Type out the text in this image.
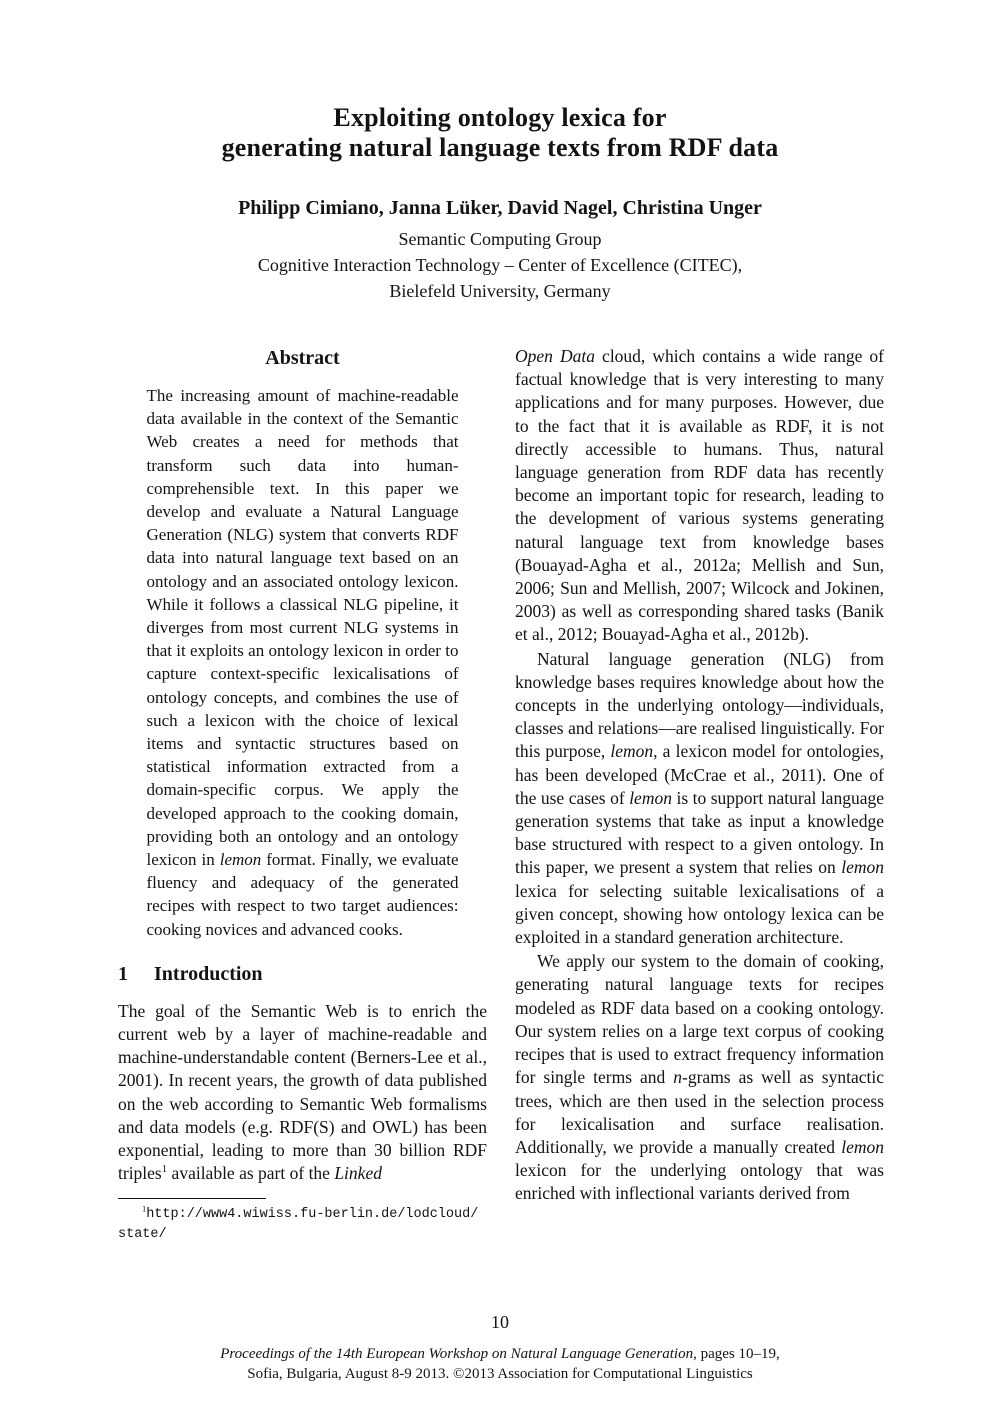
Exploiting ontology lexica for
generating natural language texts from RDF data
Philipp Cimiano, Janna Lüker, David Nagel, Christina Unger
Semantic Computing Group
Cognitive Interaction Technology – Center of Excellence (CITEC),
Bielefeld University, Germany
Abstract

The increasing amount of machine-readable data available in the context of the Semantic Web creates a need for methods that transform such data into human-comprehensible text. In this paper we develop and evaluate a Natural Language Generation (NLG) system that converts RDF data into natural language text based on an ontology and an associated ontology lexicon. While it follows a classical NLG pipeline, it diverges from most current NLG systems in that it exploits an ontology lexicon in order to capture context-specific lexicalisations of ontology concepts, and combines the use of such a lexicon with the choice of lexical items and syntactic structures based on statistical information extracted from a domain-specific corpus. We apply the developed approach to the cooking domain, providing both an ontology and an ontology lexicon in lemon format. Finally, we evaluate fluency and adequacy of the generated recipes with respect to two target audiences: cooking novices and advanced cooks.

1	Introduction

The goal of the Semantic Web is to enrich the current web by a layer of machine-readable and machine-understandable content (Berners-Lee et al., 2001). In recent years, the growth of data published on the web according to Semantic Web formalisms and data models (e.g. RDF(S) and OWL) has been exponential, leading to more than 30 billion RDF triples$^1$ available as part of the Linked

$^1$http://www4.wiwiss.fu-berlin.de/lodcloud/​state/

Open Data cloud, which contains a wide range of factual knowledge that is very interesting to many applications and for many purposes. However, due to the fact that it is available as RDF, it is not directly accessible to humans. Thus, natural language generation from RDF data has recently become an important topic for research, leading to the development of various systems generating natural language text from knowledge bases (Bouayad-Agha et al., 2012a; Mellish and Sun, 2006; Sun and Mellish, 2007; Wilcock and Jokinen, 2003) as well as corresponding shared tasks (Banik et al., 2012; Bouayad-Agha et al., 2012b).

Natural language generation (NLG) from knowledge bases requires knowledge about how the concepts in the underlying ontology—individuals, classes and relations—are realised linguistically. For this purpose, lemon, a lexicon model for ontologies, has been developed (McCrae et al., 2011). One of the use cases of lemon is to support natural language generation systems that take as input a knowledge base structured with respect to a given ontology. In this paper, we present a system that relies on lemon lexica for selecting suitable lexicalisations of a given concept, showing how ontology lexica can be exploited in a standard generation architecture.

We apply our system to the domain of cooking, generating natural language texts for recipes modeled as RDF data based on a cooking ontology. Our system relies on a large text corpus of cooking recipes that is used to extract frequency information for single terms and n-grams as well as syntactic trees, which are then used in the selection process for lexicalisation and surface realisation. Additionally, we provide a manually created lemon lexicon for the underlying ontology that was enriched with inflectional variants derived from

10
Proceedings of the 14th European Workshop on Natural Language Generation, pages 10–19,
Sofia, Bulgaria, August 8-9 2013. ©2013 Association for Computational Linguistics
